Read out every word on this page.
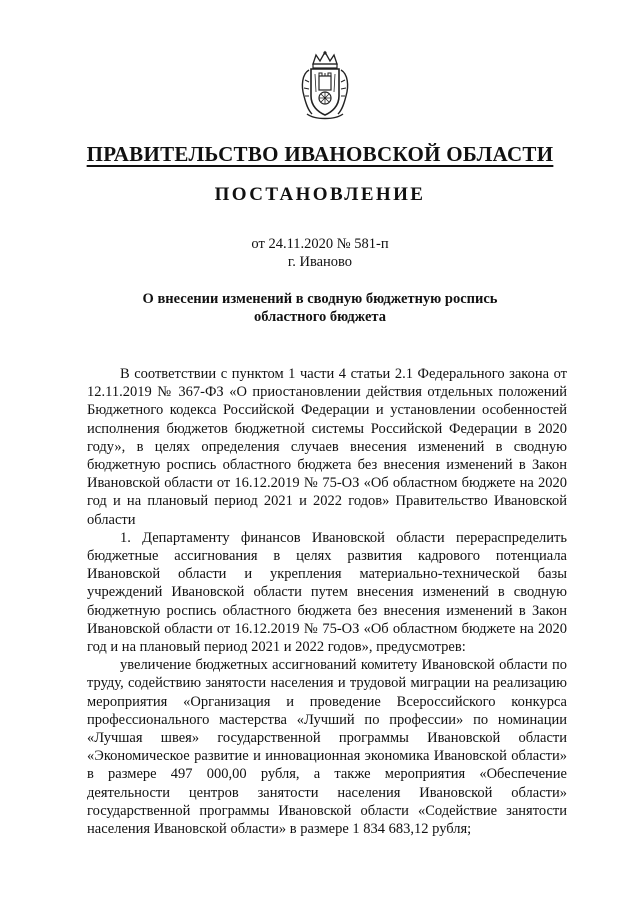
ПРАВИТЕЛЬСТВО ИВАНОВСКОЙ ОБЛАСТИ
ПОСТАНОВЛЕНИЕ
от 24.11.2020 № 581-п
г. Иваново
О внесении изменений в сводную бюджетную роспись
областного бюджета

В соответствии с пунктом 1 части 4 статьи 2.1 Федерального закона от 12.11.2019 № 367-ФЗ «О приостановлении действия отдельных положений Бюджетного кодекса Российской Федерации и установлении особенностей исполнения бюджетов бюджетной системы Российской Федерации в 2020 году», в целях определения случаев внесения изменений в сводную бюджетную роспись областного бюджета без внесения изменений в Закон Ивановской области от 16.12.2019 № 75-ОЗ «Об областном бюджете на 2020 год и на плановый период 2021 и 2022 годов» Правительство Ивановской области

1. Департаменту финансов Ивановской области перераспределить бюджетные ассигнования в целях развития кадрового потенциала Ивановской области и укрепления материально-технической базы учреждений Ивановской области путем внесения изменений в сводную бюджетную роспись областного бюджета без внесения изменений в Закон Ивановской области от 16.12.2019 № 75-ОЗ «Об областном бюджете на 2020 год и на плановый период 2021 и 2022 годов», предусмотрев:

увеличение бюджетных ассигнований комитету Ивановской области по труду, содействию занятости населения и трудовой миграции на реализацию мероприятия «Организация и проведение Всероссийского конкурса профессионального мастерства «Лучший по профессии» по номинации «Лучшая швея» государственной программы Ивановской области «Экономическое развитие и инновационная экономика Ивановской области» в размере 497 000,00 рубля, а также мероприятия «Обеспечение деятельности центров занятости населения Ивановской области» государственной программы Ивановской области «Содействие занятости населения Ивановской области» в размере 1 834 683,12 рубля;
